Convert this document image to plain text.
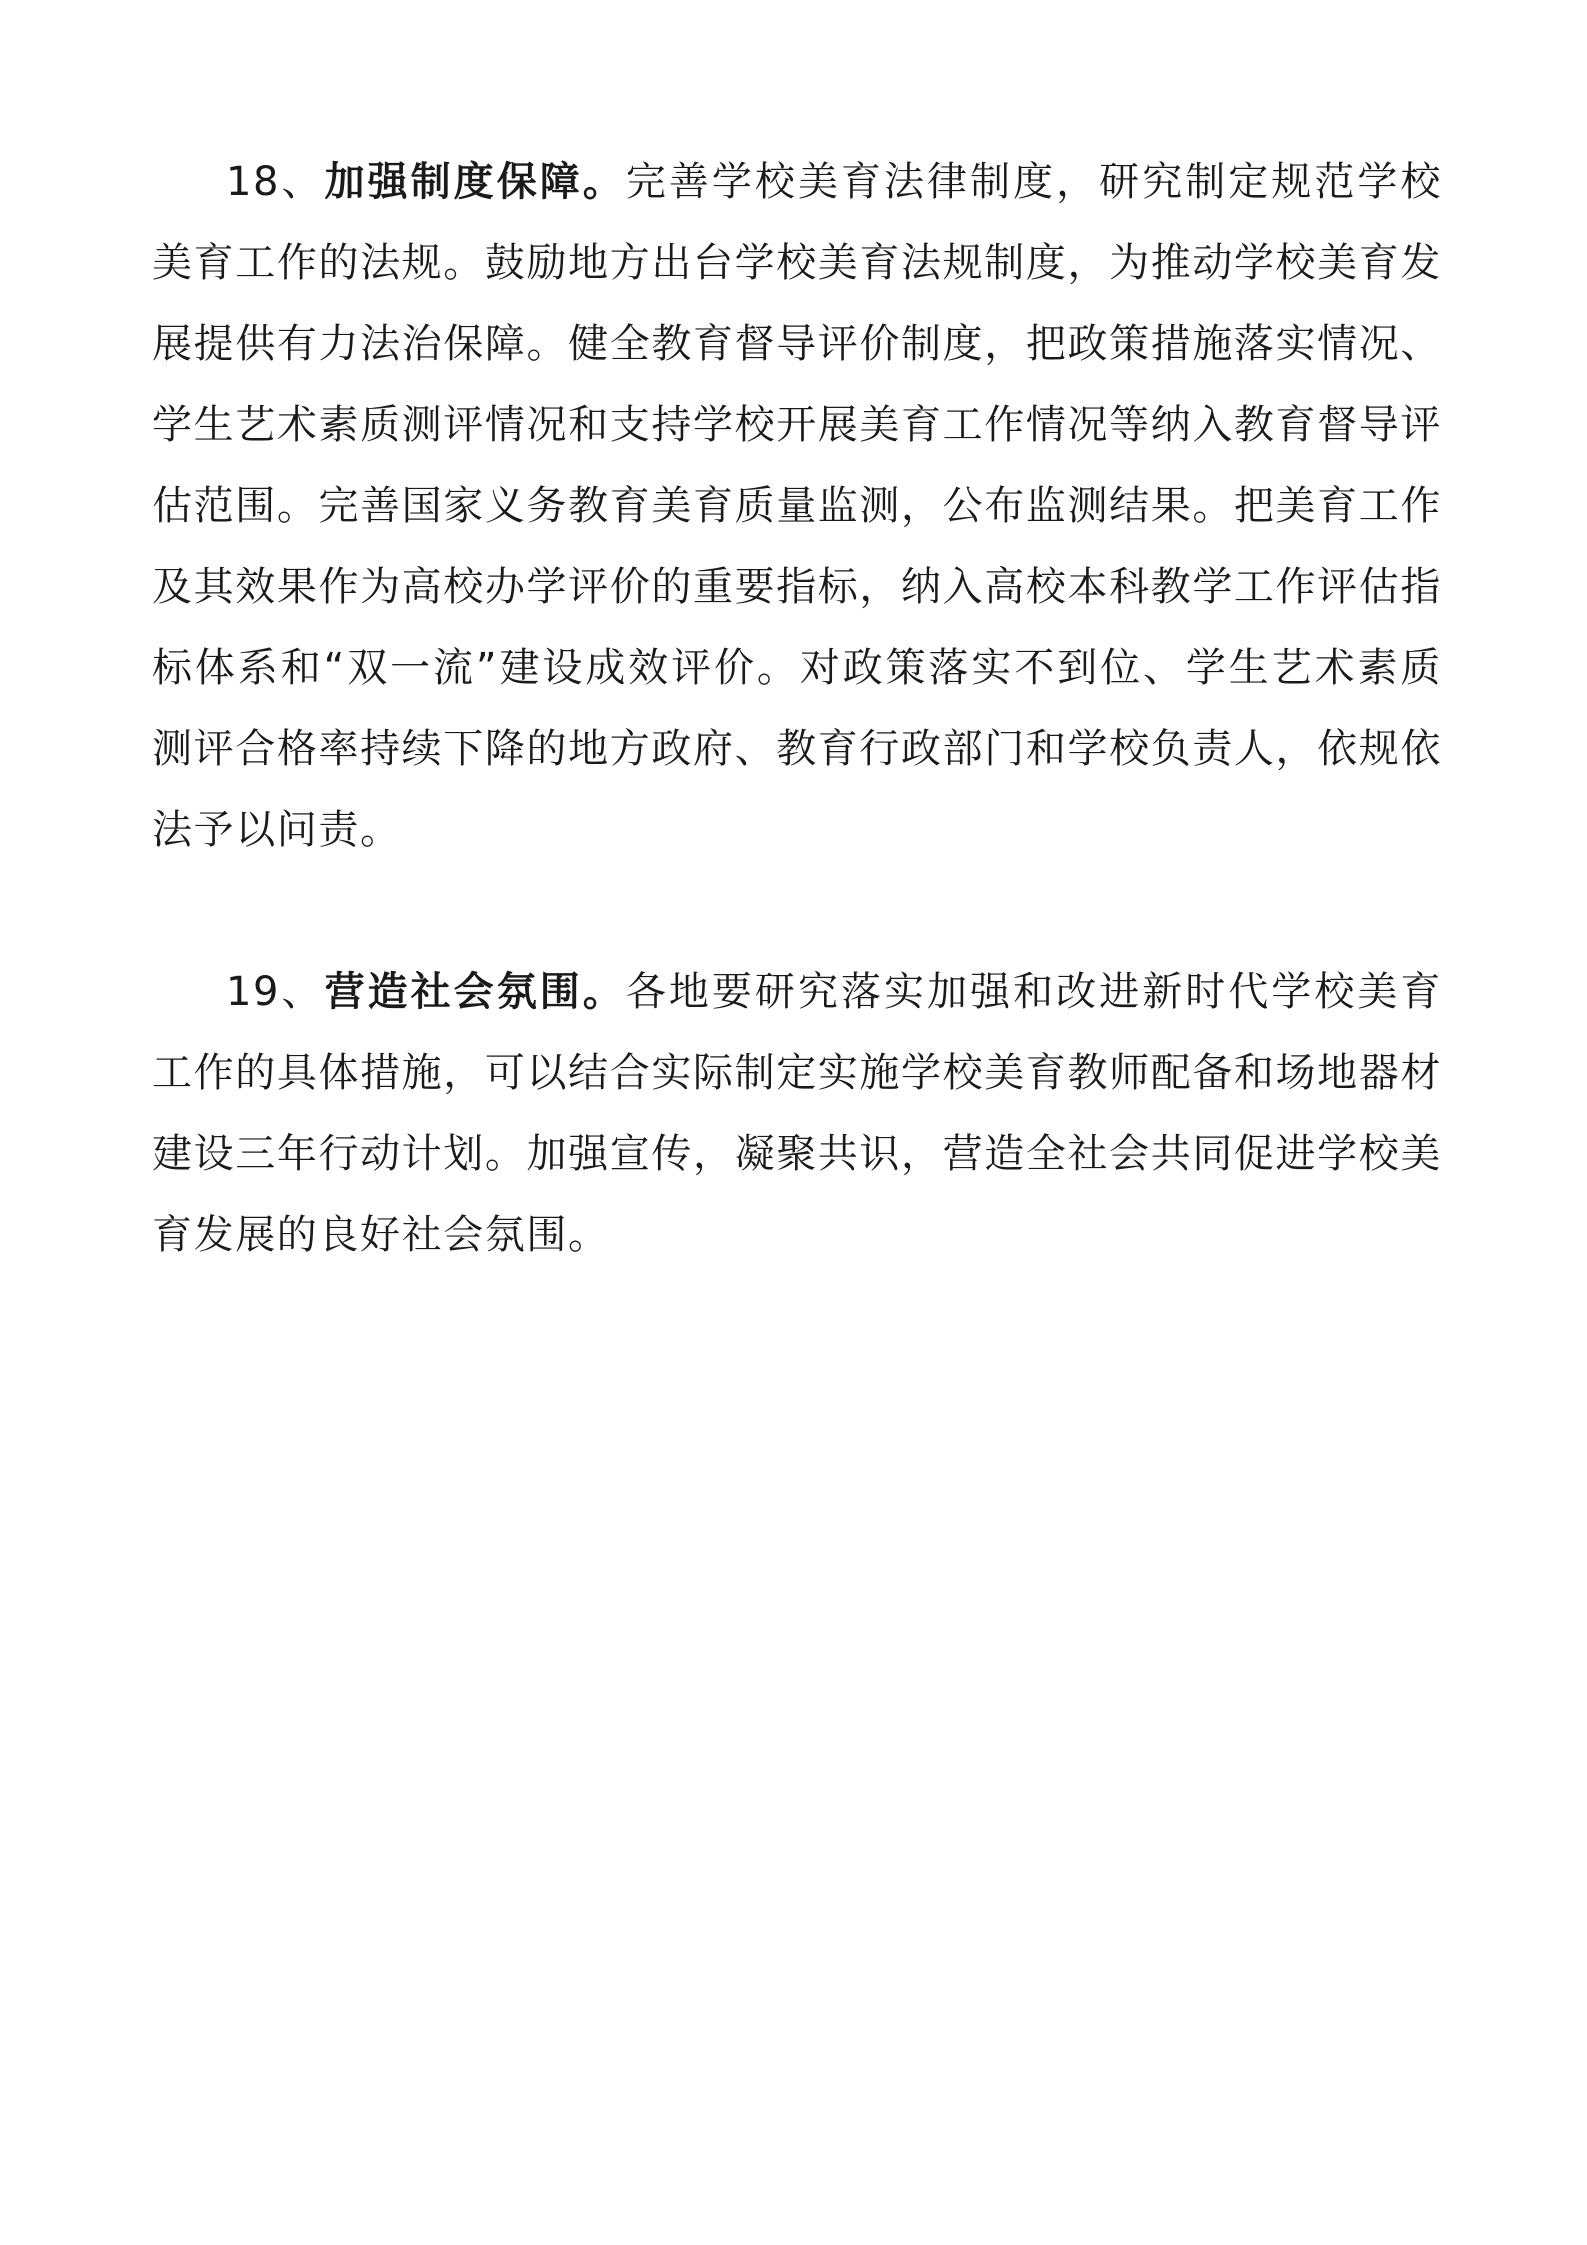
18、加强制度保障。完善学校美育法律制度，研究制定规范学校美育工作的法规。鼓励地方出台学校美育法规制度，为推动学校美育发展提供有力法治保障。健全教育督导评价制度，把政策措施落实情况、学生艺术素质测评情况和支持学校开展美育工作情况等纳入教育督导评估范围。完善国家义务教育美育质量监测，公布监测结果。把美育工作及其效果作为高校办学评价的重要指标，纳入高校本科教学工作评估指标体系和“双一流”建设成效评价。对政策落实不到位、学生艺术素质测评合格率持续下降的地方政府、教育行政部门和学校负责人，依规依法予以问责。

19、营造社会氛围。各地要研究落实加强和改进新时代学校美育工作的具体措施，可以结合实际制定实施学校美育教师配备和场地器材建设三年行动计划。加强宣传，凝聚共识，营造全社会共同促进学校美育发展的良好社会氛围。
